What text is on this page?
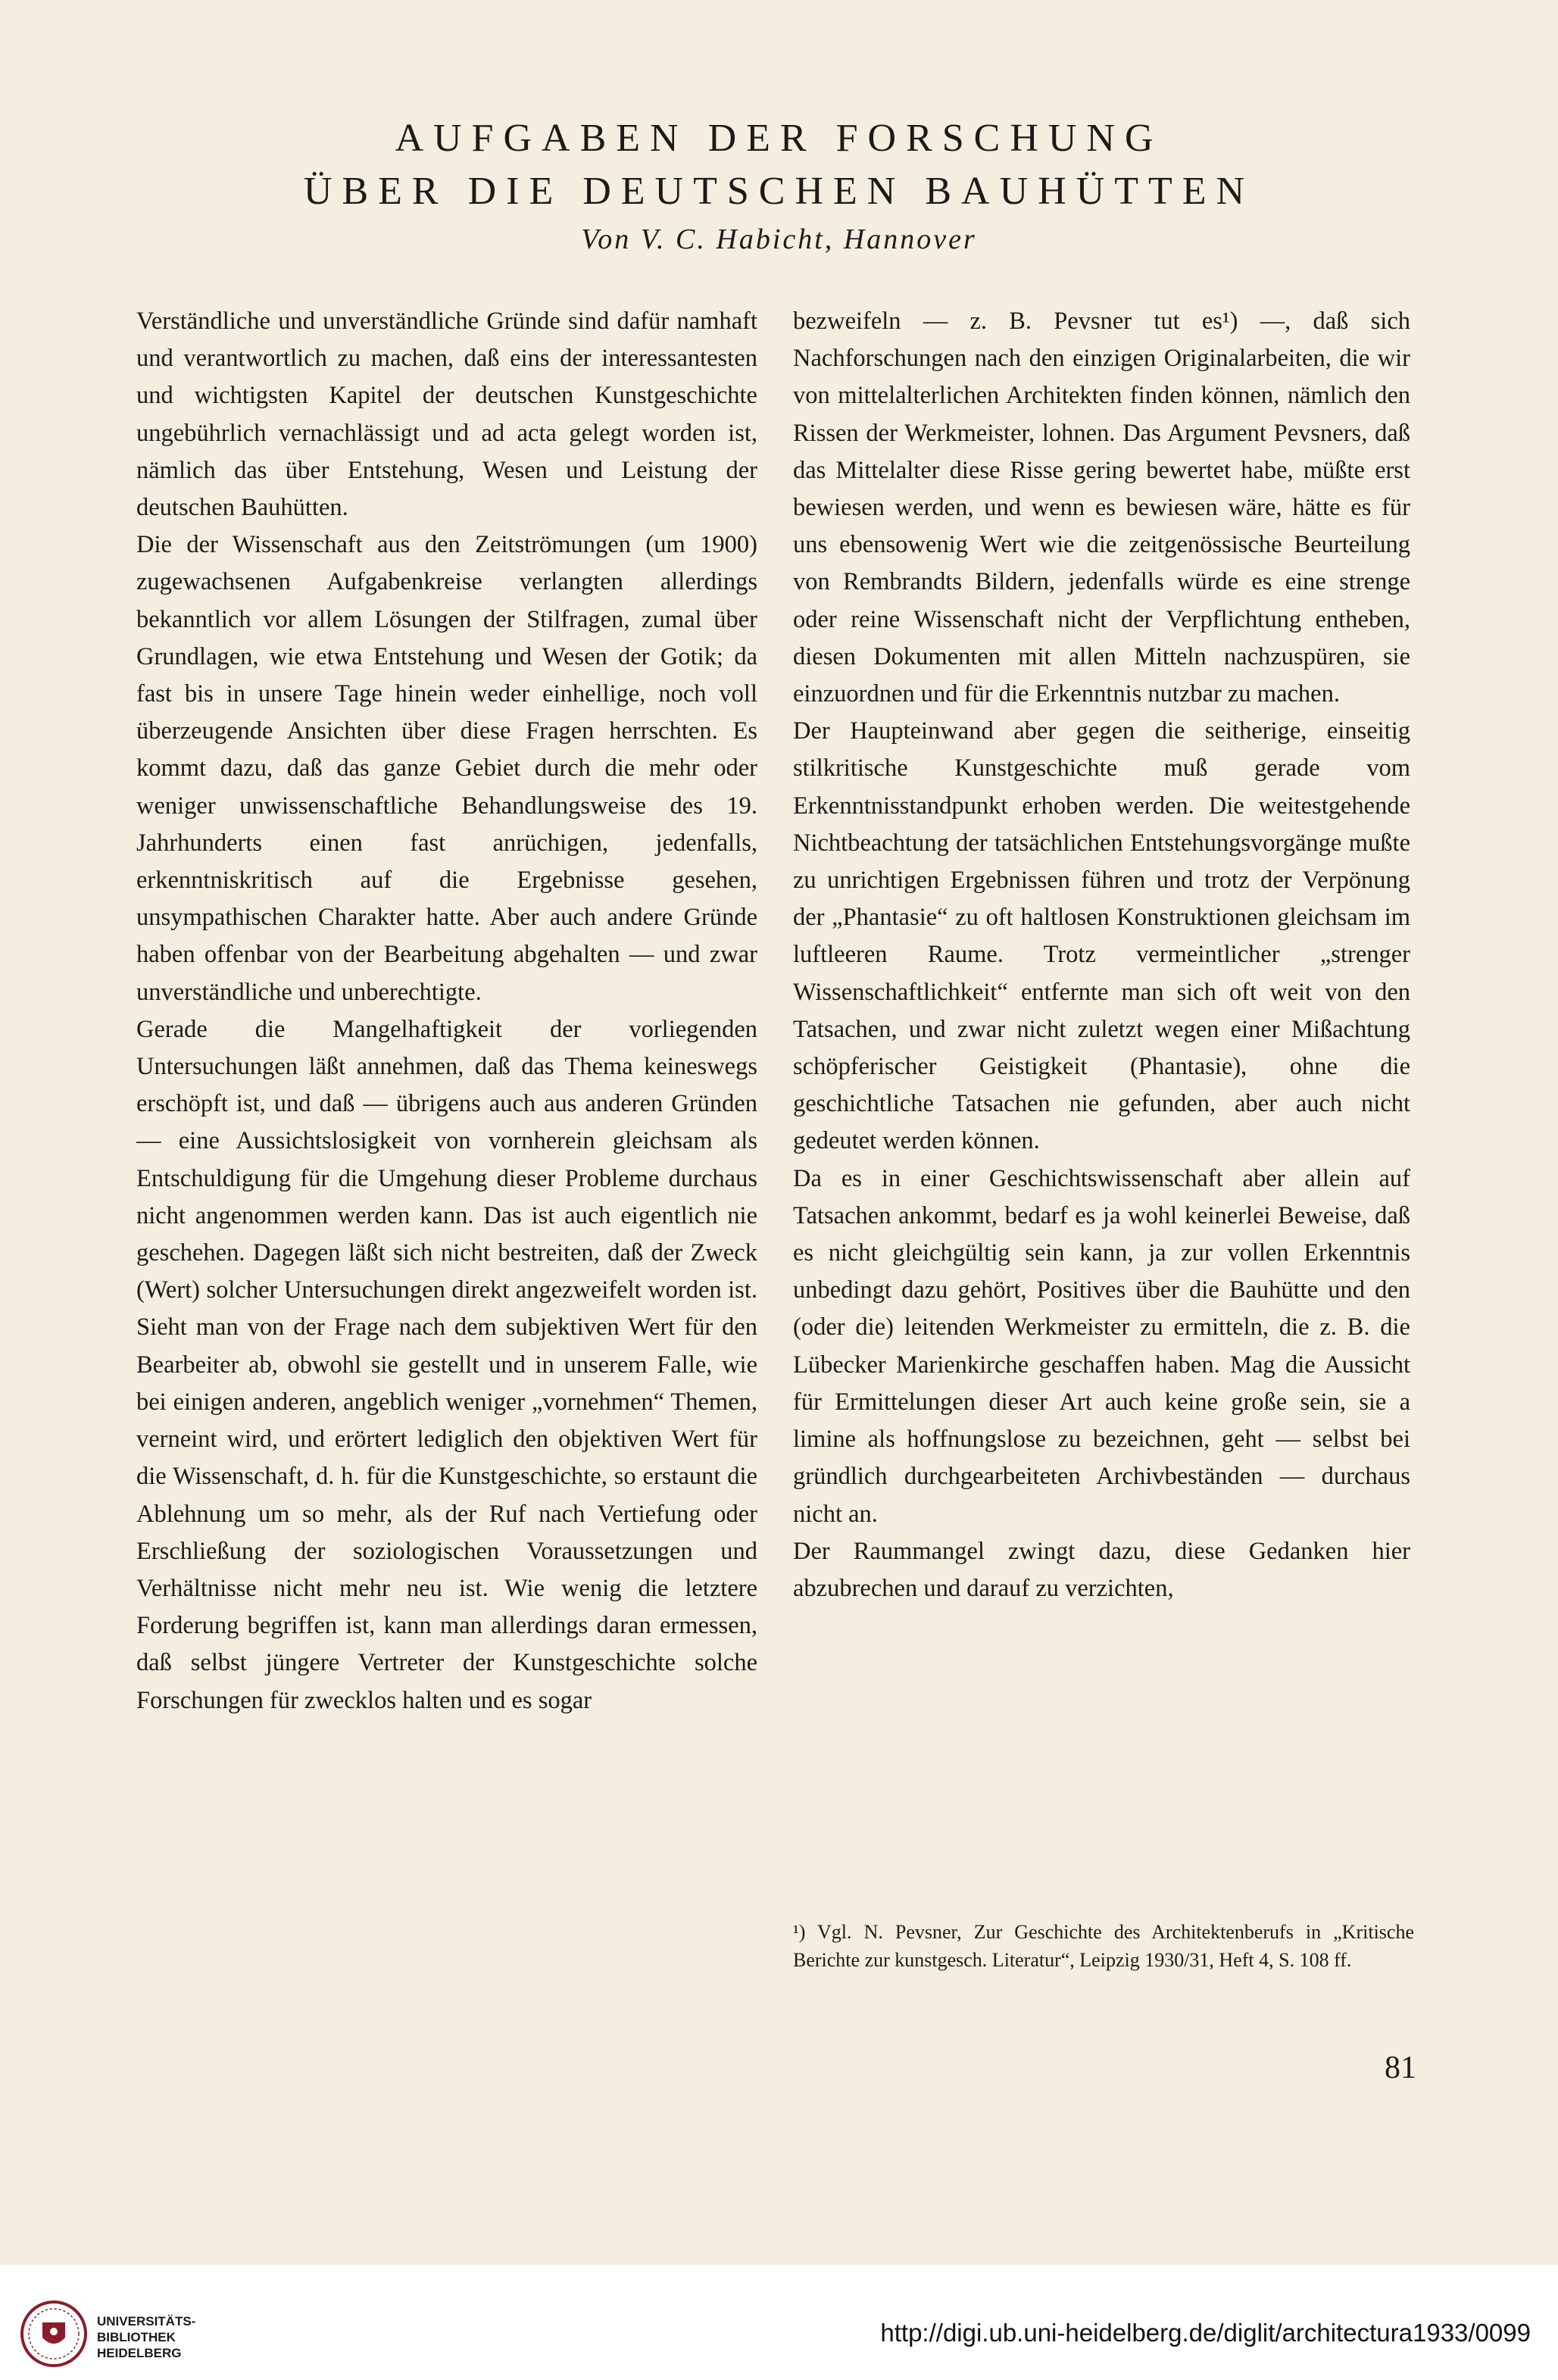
AUFGABEN DER FORSCHUNG
ÜBER DIE DEUTSCHEN BAUHÜTTEN
Von V. C. Habicht, Hannover

Verständliche und unverständliche Gründe sind dafür namhaft und verantwortlich zu machen, daß eins der interessantesten und wichtigsten Kapitel der deutschen Kunstgeschichte ungebührlich vernachlässigt und ad acta gelegt worden ist, nämlich das über Entstehung, Wesen und Leistung der deutschen Bauhütten.

Die der Wissenschaft aus den Zeitströmungen (um 1900) zugewachsenen Aufgabenkreise verlangten allerdings bekanntlich vor allem Lösungen der Stilfragen, zumal über Grundlagen, wie etwa Entstehung und Wesen der Gotik; da fast bis in unsere Tage hinein weder einhellige, noch voll überzeugende Ansichten über diese Fragen herrschten. Es kommt dazu, daß das ganze Gebiet durch die mehr oder weniger unwissenschaftliche Behandlungsweise des 19. Jahrhunderts einen fast anrüchigen, jedenfalls, erkenntniskritisch auf die Ergebnisse gesehen, unsympathischen Charakter hatte. Aber auch andere Gründe haben offenbar von der Bearbeitung abgehalten — und zwar unverständliche und unberechtigte.

Gerade die Mangelhaftigkeit der vorliegenden Untersuchungen läßt annehmen, daß das Thema keineswegs erschöpft ist, und daß — übrigens auch aus anderen Gründen — eine Aussichtslosigkeit von vornherein gleichsam als Entschuldigung für die Umgehung dieser Probleme durchaus nicht angenommen werden kann. Das ist auch eigentlich nie geschehen. Dagegen läßt sich nicht bestreiten, daß der Zweck (Wert) solcher Untersuchungen direkt angezweifelt worden ist. Sieht man von der Frage nach dem subjektiven Wert für den Bearbeiter ab, obwohl sie gestellt und in unserem Falle, wie bei einigen anderen, angeblich weniger „vornehmen“ Themen, verneint wird, und erörtert lediglich den objektiven Wert für die Wissenschaft, d. h. für die Kunstgeschichte, so erstaunt die Ablehnung um so mehr, als der Ruf nach Vertiefung oder Erschließung der soziologischen Voraussetzungen und Verhältnisse nicht mehr neu ist. Wie wenig die letztere Forderung begriffen ist, kann man allerdings daran ermessen, daß selbst jüngere Vertreter der Kunstgeschichte solche Forschungen für zwecklos halten und es sogar

bezweifeln — z. B. Pevsner tut es¹) —, daß sich Nachforschungen nach den einzigen Originalarbeiten, die wir von mittelalterlichen Architekten finden können, nämlich den Rissen der Werkmeister, lohnen. Das Argument Pevsners, daß das Mittelalter diese Risse gering bewertet habe, müßte erst bewiesen werden, und wenn es bewiesen wäre, hätte es für uns ebensowenig Wert wie die zeitgenössische Beurteilung von Rembrandts Bildern, jedenfalls würde es eine strenge oder reine Wissenschaft nicht der Verpflichtung entheben, diesen Dokumenten mit allen Mitteln nachzuspüren, sie einzuordnen und für die Erkenntnis nutzbar zu machen.

Der Haupteinwand aber gegen die seitherige, einseitig stilkritische Kunstgeschichte muß gerade vom Erkenntnisstandpunkt erhoben werden. Die weitestgehende Nichtbeachtung der tatsächlichen Entstehungsvorgänge mußte zu unrichtigen Ergebnissen führen und trotz der Verpönung der „Phantasie“ zu oft haltlosen Konstruktionen gleichsam im luftleeren Raume. Trotz vermeintlicher „strenger Wissenschaftlichkeit“ entfernte man sich oft weit von den Tatsachen, und zwar nicht zuletzt wegen einer Mißachtung schöpferischer Geistigkeit (Phantasie), ohne die geschichtliche Tatsachen nie gefunden, aber auch nicht gedeutet werden können.

Da es in einer Geschichtswissenschaft aber allein auf Tatsachen ankommt, bedarf es ja wohl keinerlei Beweise, daß es nicht gleichgültig sein kann, ja zur vollen Erkenntnis unbedingt dazu gehört, Positives über die Bauhütte und den (oder die) leitenden Werkmeister zu ermitteln, die z. B. die Lübecker Marienkirche geschaffen haben. Mag die Aussicht für Ermittelungen dieser Art auch keine große sein, sie a limine als hoffnungslose zu bezeichnen, geht — selbst bei gründlich durchgearbeiteten Archivbeständen — durchaus nicht an.

Der Raummangel zwingt dazu, diese Gedanken hier abzubrechen und darauf zu verzichten,

¹) Vgl. N. Pevsner, Zur Geschichte des Architektenberufs in „Kritische Berichte zur kunstgesch. Literatur“, Leipzig 1930/31, Heft 4, S. 108 ff.
81
UNIVERSITÄTS-
BIBLIOTHEK
HEIDELBERG
http://digi.ub.uni-heidelberg.de/diglit/architectura1933/0099
